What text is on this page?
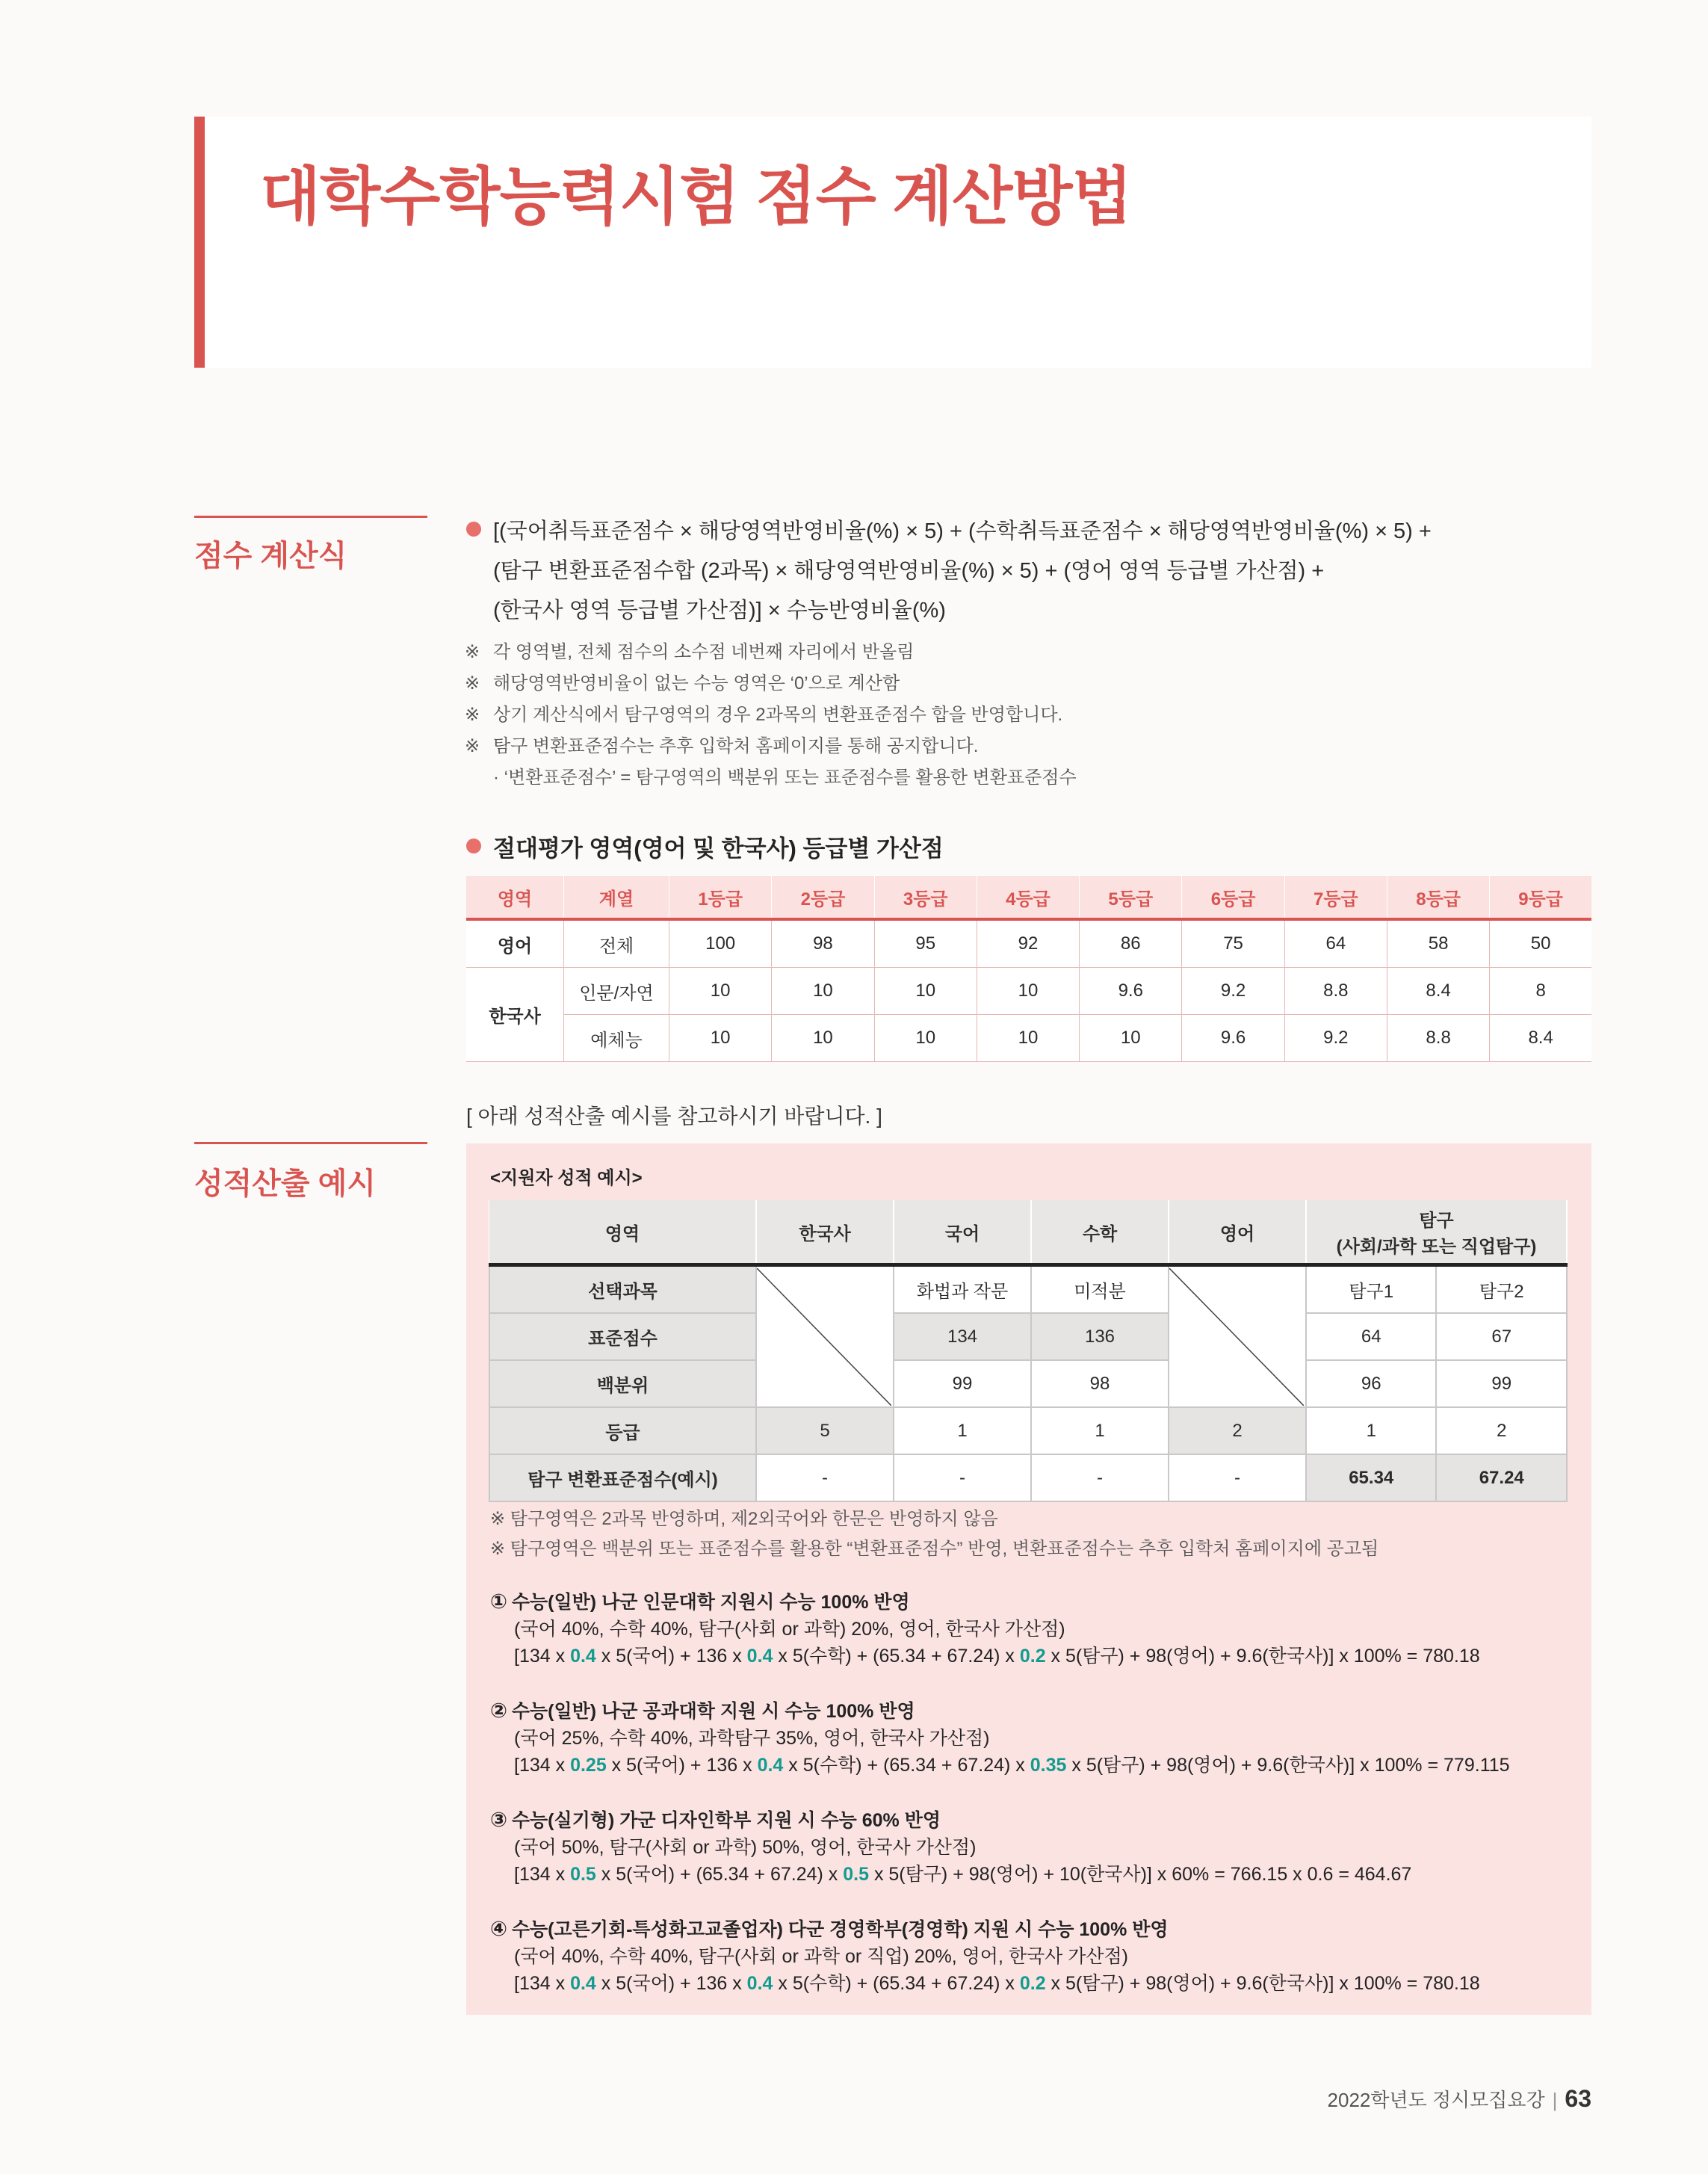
대학수학능력시험 점수 계산방법
점수 계산식
[(국어취득표준점수 × 해당영역반영비율(%) × 5) + (수학취득표준점수 × 해당영역반영비율(%) × 5) +
(탐구 변환표준점수합 (2과목) × 해당영역반영비율(%) × 5) + (영어 영역 등급별 가산점) +
(한국사 영역 등급별 가산점)] × 수능반영비율(%)
※ 각 영역별, 전체 점수의 소수점 네번째 자리에서 반올림
※ 해당영역반영비율이 없는 수능 영역은 ‘0’으로 계산함
※ 상기 계산식에서 탐구영역의 경우 2과목의 변환표준점수 합을 반영합니다.
※ 탐구 변환표준점수는 추후 입학처 홈페이지를 통해 공지합니다.
· ‘변환표준점수’ = 탐구영역의 백분위 또는 표준점수를 활용한 변환표준점수
절대평가 영역(영어 및 한국사) 등급별 가산점
영역	계열	1등급	2등급	3등급	4등급	5등급	6등급	7등급	8등급	9등급
영어	전체	100	98	95	92	86	75	64	58	50
한국사	인문/자연	10	10	10	10	9.6	9.2	8.8	8.4	8
	예체능	10	10	10	10	10	9.6	9.2	8.8	8.4
[ 아래 성적산출 예시를 참고하시기 바랍니다. ]
성적산출 예시	<지원자 성적 예시>
영역	한국사	국어	수학	영어	탐구
(사회/과학 또는 직업탐구)	

선택과목		화법과 작문	미적분		탐구1	탐구2
표준점수		134	136		64	67
백분위		99	98		96	99
등급	5	1	1	2	1	2
탐구 변환표준점수(예시)	-	-	-	-	65.34	67.24
※ 탐구영역은 2과목 반영하며, 제2외국어와 한문은 반영하지 않음
※ 탐구영역은 백분위 또는 표준점수를 활용한 “변환표준점수” 반영, 변환표준점수는 추후 입학처 홈페이지에 공고됨
① 수능(일반) 나군 인문대학 지원시 수능 100% 반영
(국어 40%, 수학 40%, 탐구(사회 or 과학) 20%, 영어, 한국사 가산점)
[134 x 0.4 x 5(국어) + 136 x 0.4 x 5(수학) + (65.34 + 67.24) x 0.2 x 5(탐구) + 98(영어) + 9.6(한국사)] x 100% = 780.18
② 수능(일반) 나군 공과대학 지원 시 수능 100% 반영
(국어 25%, 수학 40%, 과학탐구 35%, 영어, 한국사 가산점)
[134 x 0.25 x 5(국어) + 136 x 0.4 x 5(수학) + (65.34 + 67.24) x 0.35 x 5(탐구) + 98(영어) + 9.6(한국사)] x 100% = 779.115
③ 수능(실기형) 가군 디자인학부 지원 시 수능 60% 반영
(국어 50%, 탐구(사회 or 과학) 50%, 영어, 한국사 가산점)
[134 x 0.5 x 5(국어) + (65.34 + 67.24) x 0.5 x 5(탐구) + 98(영어) + 10(한국사)] x 60% = 766.15 x 0.6 = 464.67
④ 수능(고른기회-특성화고교졸업자) 다군 경영학부(경영학) 지원 시 수능 100% 반영
(국어 40%, 수학 40%, 탐구(사회 or 과학 or 직업) 20%, 영어, 한국사 가산점)
[134 x 0.4 x 5(국어) + 136 x 0.4 x 5(수학) + (65.34 + 67.24) x 0.2 x 5(탐구) + 98(영어) + 9.6(한국사)] x 100% = 780.18
2022학년도 정시모집요강 | 63
